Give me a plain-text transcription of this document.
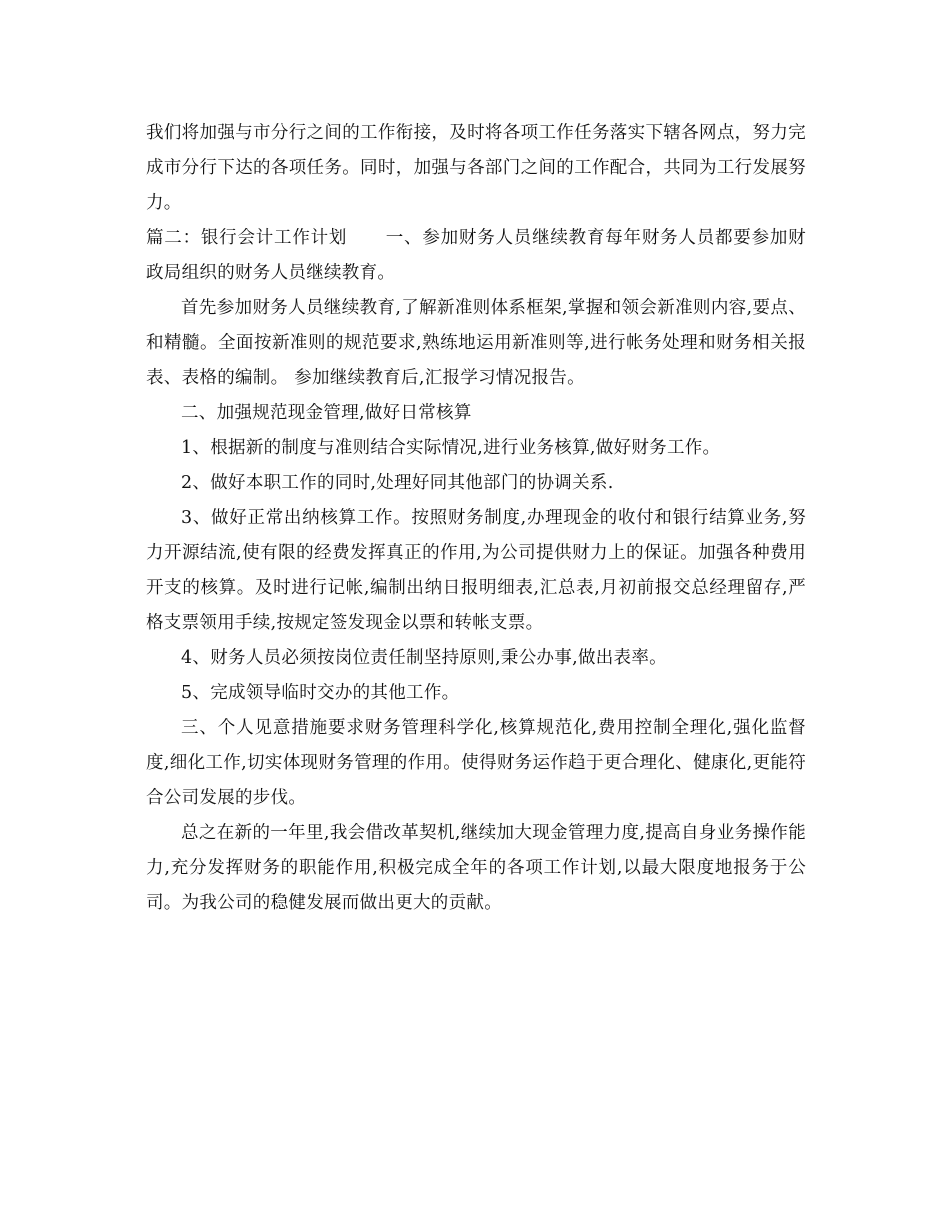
我们将加强与市分行之间的工作衔接，及时将各项工作任务落实下辖各网点，努力完成市分行下达的各项任务。同时，加强与各部门之间的工作配合，共同为工行发展努力。

篇二：银行会计工作计划 一、参加财务人员继续教育每年财务人员都要参加财政局组织的财务人员继续教育。

首先参加财务人员继续教育,了解新准则体系框架,掌握和领会新准则内容,要点、和精髓。全面按新准则的规范要求,熟练地运用新准则等,进行帐务处理和财务相关报表、表格的编制。 参加继续教育后,汇报学习情况报告。

二、加强规范现金管理,做好日常核算

1、根据新的制度与准则结合实际情况,进行业务核算,做好财务工作。

2、做好本职工作的同时,处理好同其他部门的协调关系.

3、做好正常出纳核算工作。按照财务制度,办理现金的收付和银行结算业务,努力开源结流,使有限的经费发挥真正的作用,为公司提供财力上的保证。加强各种费用开支的核算。及时进行记帐,编制出纳日报明细表,汇总表,月初前报交总经理留存,严格支票领用手续,按规定签发现金以票和转帐支票。

4、财务人员必须按岗位责任制坚持原则,秉公办事,做出表率。

5、完成领导临时交办的其他工作。

三、个人见意措施要求财务管理科学化,核算规范化,费用控制全理化,强化监督度,细化工作,切实体现财务管理的作用。使得财务运作趋于更合理化、健康化,更能符合公司发展的步伐。

总之在新的一年里,我会借改革契机,继续加大现金管理力度,提高自身业务操作能力,充分发挥财务的职能作用,积极完成全年的各项工作计划,以最大限度地报务于公司。为我公司的稳健发展而做出更大的贡献。
